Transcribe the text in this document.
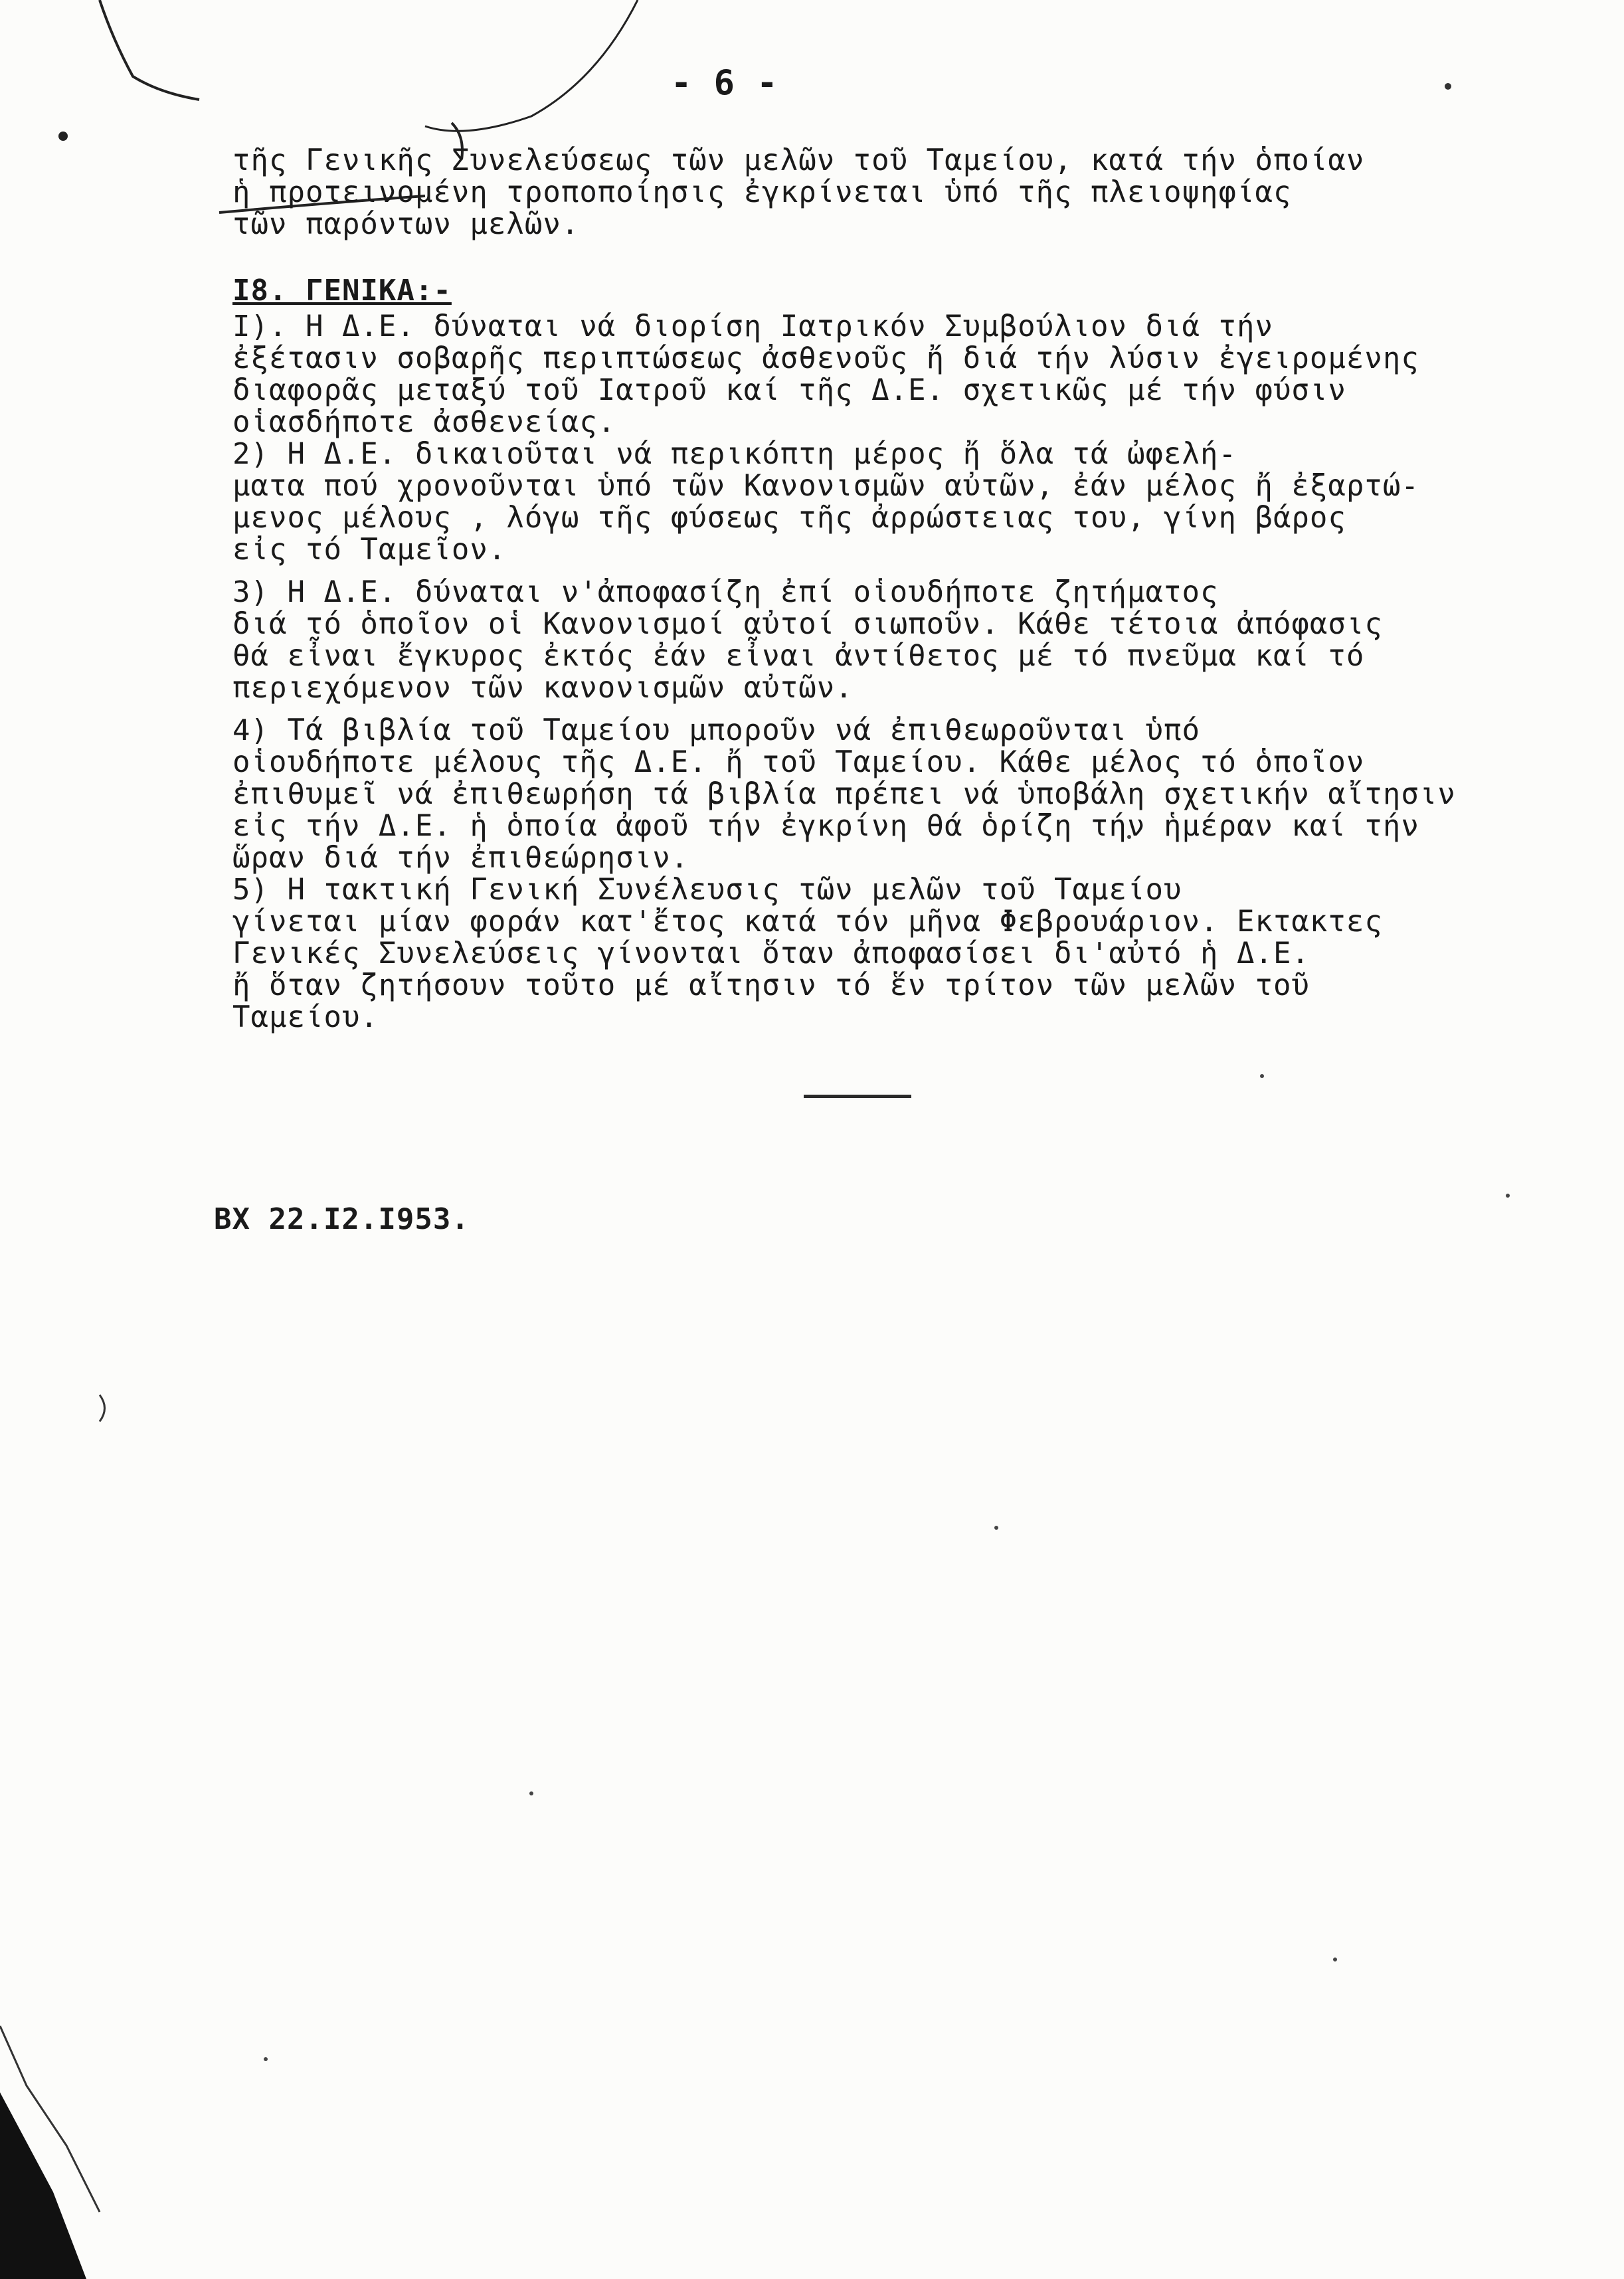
- 6 -
τῆς Γενικῆς Συνελεύσεως τῶν μελῶν τοῦ Ταμείου, κατά τήν ὁποίαν
ἡ προτεινομένη τροποποίησις ἐγκρίνεται ὑπό τῆς πλειοψηφίας
τῶν παρόντων μελῶν.
I8. ΓΕΝΙΚΑ:-
I). Η Δ.Ε. δύναται νά διορίση Ιατρικόν Συμβούλιον διά τήν
ἐξέτασιν σοβαρῆς περιπτώσεως ἀσθενοῦς ἤ διά τήν λύσιν ἐγειρομένης
διαφορᾶς μεταξύ τοῦ Ιατροῦ καί τῆς Δ.Ε. σχετικῶς μέ τήν φύσιν
οἱασδήποτε ἀσθενείας.
2) Η Δ.Ε. δικαιοῦται νά περικόπτη μέρος ἤ ὅλα τά ὠφελή-
ματα πού χρονοῦνται ὑπό τῶν Κανονισμῶν αὐτῶν, ἐάν μέλος ἤ ἐξαρτώ-
μενος μέλους , λόγω τῆς φύσεως τῆς ἀρρώστειας του, γίνη βάρος
εἰς τό Ταμεῖον.
3) Η Δ.Ε. δύναται ν'ἀποφασίζη ἐπί οἱουδήποτε ζητήματος
διά τό ὁποῖον οἱ Κανονισμοί αὐτοί σιωποῦν. Κάθε τέτοια ἀπόφασις
θά εἶναι ἔγκυρος ἐκτός ἐάν εἶναι ἀντίθετος μέ τό πνεῦμα καί τό
περιεχόμενον τῶν κανονισμῶν αὐτῶν.
4) Τά βιβλία τοῦ Ταμείου μποροῦν νά ἐπιθεωροῦνται ὑπό
οἱουδήποτε μέλους τῆς Δ.Ε. ἤ τοῦ Ταμείου. Κάθε μέλος τό ὁποῖον
ἐπιθυμεῖ νά ἐπιθεωρήση τά βιβλία πρέπει νά ὑποβάλη σχετικήν αἴτησιν
εἰς τήν Δ.Ε. ἡ ὁποία ἀφοῦ τήν ἐγκρίνη θά ὁρίζη τήν ἡμέραν καί τήν
ὥραν διά τήν ἐπιθεώρησιν.
5) Η τακτική Γενική Συνέλευσις τῶν μελῶν τοῦ Ταμείου
γίνεται μίαν φοράν κατ'ἔτος κατά τόν μῆνα Φεβρουάριον. Εκτακτες
Γενικές Συνελεύσεις γίνονται ὅταν ἀποφασίσει δι'αὐτό ἡ Δ.Ε.
ἤ ὅταν ζητήσουν τοῦτο μέ αἴτησιν τό ἕν τρίτον τῶν μελῶν τοῦ
Ταμείου.
ΒΧ 22.I2.I953.
